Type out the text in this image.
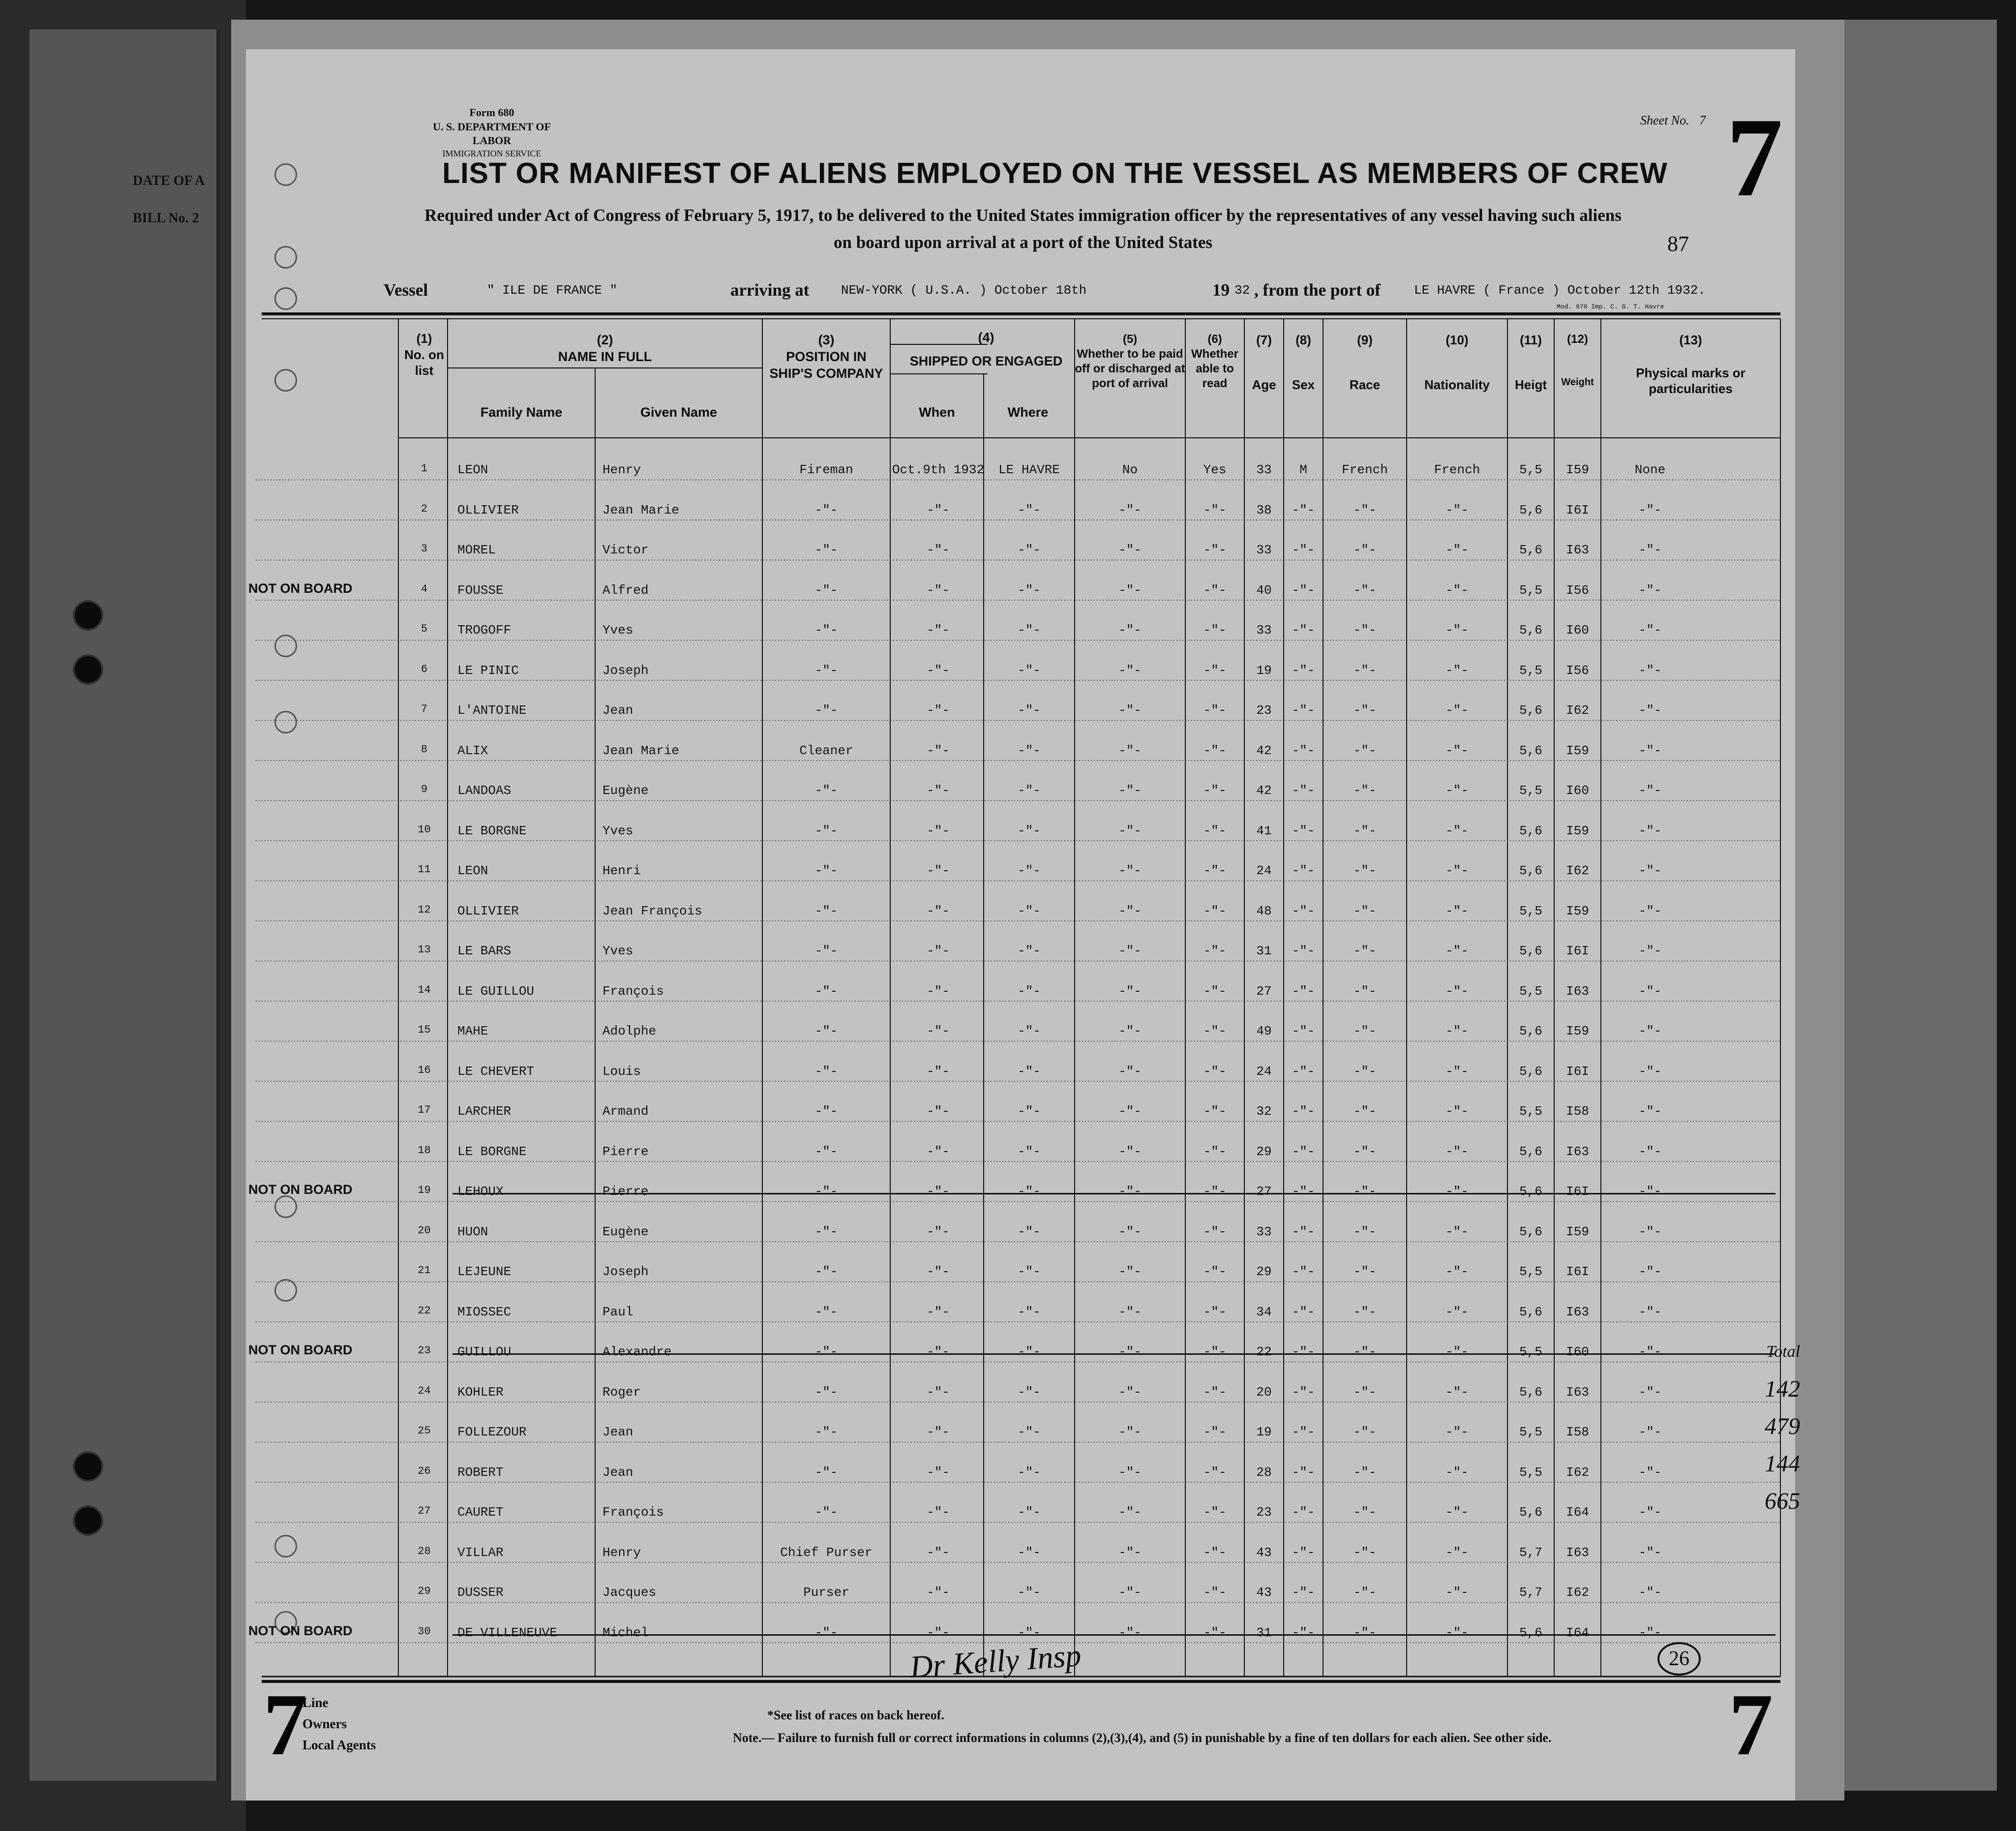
DATE OF A
BILL No. 2
Form 680
U. S. DEPARTMENT OF LABOR
IMMIGRATION SERVICE
Sheet No. 7 7
LIST OR MANIFEST OF ALIENS EMPLOYED ON THE VESSEL AS MEMBERS OF CREW
Required under Act of Congress of February 5, 1917, to be delivered to the United States immigration officer by the representatives of any vessel having such aliens
on board upon arrival at a port of the United States	87
Vessel	" ILE DE FRANCE "	arriving at NEW-YORK ( U.S.A. ) October 18th	19 32 , from the port of	LE HAVRE ( France ) October 12th 1932.
Mod. 970 Imp. C. G. T. Havre
(1)
No. on list
(2)
NAME IN FULL
Family Name	Given Name
(3)
POSITION IN SHIP'S COMPANY
(4)
SHIPPED OR ENGAGED
When	Where
(5)
Whether to be paid off or discharged at port of arrival
(6)
Whether able to read
(7)
Age
(8)
Sex
(9)
Race
(10)
Nationality
(11)
Heigt
(12)
Weight
(13)
Physical marks or particularities
1	LEON	Henry	Fireman	Oct.9th 1932	LE HAVRE	No	Yes	33	M	French	French	5,5	I59	None
2	OLLIVIER	Jean Marie	-"-	-"-	-"-	-"-	-"-	38	-"-	-"-	-"-	5,6	I6I	-"-
3	MOREL	Victor	-"-	-"-	-"-	-"-	-"-	33	-"-	-"-	-"-	5,6	I63	-"-
4	FOUSSE	Alfred	-"-	-"-	-"-	-"-	-"-	40	-"-	-"-	-"-	5,5	I56	-"-
NOT ON BOARD
5	TROGOFF	Yves	-"-	-"-	-"-	-"-	-"-	33	-"-	-"-	-"-	5,6	I60	-"-
6	LE PINIC	Joseph	-"-	-"-	-"-	-"-	-"-	19	-"-	-"-	-"-	5,5	I56	-"-
7	L'ANTOINE	Jean	-"-	-"-	-"-	-"-	-"-	23	-"-	-"-	-"-	5,6	I62	-"-
8	ALIX	Jean Marie	Cleaner	-"-	-"-	-"-	-"-	42	-"-	-"-	-"-	5,6	I59	-"-
9	LANDOAS	Eugène	-"-	-"-	-"-	-"-	-"-	42	-"-	-"-	-"-	5,5	I60	-"-
10	LE BORGNE	Yves	-"-	-"-	-"-	-"-	-"-	41	-"-	-"-	-"-	5,6	I59	-"-
11	LEON	Henri	-"-	-"-	-"-	-"-	-"-	24	-"-	-"-	-"-	5,6	I62	-"-
12	OLLIVIER	Jean François	-"-	-"-	-"-	-"-	-"-	48	-"-	-"-	-"-	5,5	I59	-"-
13	LE BARS	Yves	-"-	-"-	-"-	-"-	-"-	31	-"-	-"-	-"-	5,6	I6I	-"-
14	LE GUILLOU	François	-"-	-"-	-"-	-"-	-"-	27	-"-	-"-	-"-	5,5	I63	-"-
15	MAHE	Adolphe	-"-	-"-	-"-	-"-	-"-	49	-"-	-"-	-"-	5,6	I59	-"-
16	LE CHEVERT	Louis	-"-	-"-	-"-	-"-	-"-	24	-"-	-"-	-"-	5,6	I6I	-"-
17	LARCHER	Armand	-"-	-"-	-"-	-"-	-"-	32	-"-	-"-	-"-	5,5	I58	-"-
18	LE BORGNE	Pierre	-"-	-"-	-"-	-"-	-"-	29	-"-	-"-	-"-	5,6	I63	-"-
19	LEHOUX	Pierre	-"-	-"-	-"-	-"-	-"-	27	-"-	-"-	-"-	5,6	I6I	-"-
NOT ON BOARD
20	HUON	Eugène	-"-	-"-	-"-	-"-	-"-	33	-"-	-"-	-"-	5,6	I59	-"-
21	LEJEUNE	Joseph	-"-	-"-	-"-	-"-	-"-	29	-"-	-"-	-"-	5,5	I6I	-"-
22	MIOSSEC	Paul	-"-	-"-	-"-	-"-	-"-	34	-"-	-"-	-"-	5,6	I63	-"-
23	GUILLOU	Alexandre	-"-	-"-	-"-	-"-	-"-	22	-"-	-"-	-"-	5,5	I60	-"-
NOT ON BOARD
24	KOHLER	Roger	-"-	-"-	-"-	-"-	-"-	20	-"-	-"-	-"-	5,6	I63	-"-
25	FOLLEZOUR	Jean	-"-	-"-	-"-	-"-	-"-	19	-"-	-"-	-"-	5,5	I58	-"-
26	ROBERT	Jean	-"-	-"-	-"-	-"-	-"-	28	-"-	-"-	-"-	5,5	I62	-"-
27	CAURET	François	-"-	-"-	-"-	-"-	-"-	23	-"-	-"-	-"-	5,6	I64	-"-
28	VILLAR	Henry	Chief Purser	-"-	-"-	-"-	-"-	43	-"-	-"-	-"-	5,7	I63	-"-
29	DUSSER	Jacques	Purser	-"-	-"-	-"-	-"-	43	-"-	-"-	-"-	5,7	I62	-"-
30	DE VILLENEUVE	Michel	-"-	-"-	-"-	-"-	-"-	31	-"-	-"-	-"-	5,6	I64	-"-
NOT ON BOARD
Dr Kelly Insp	26
Total
142
479
144
665
7	7
Line
Owners
Local Agents
*See list of races on back hereof.
Note.— Failure to furnish full or correct informations in columns (2),(3),(4), and (5) in punishable by a fine of ten dollars for each alien. See other side.
